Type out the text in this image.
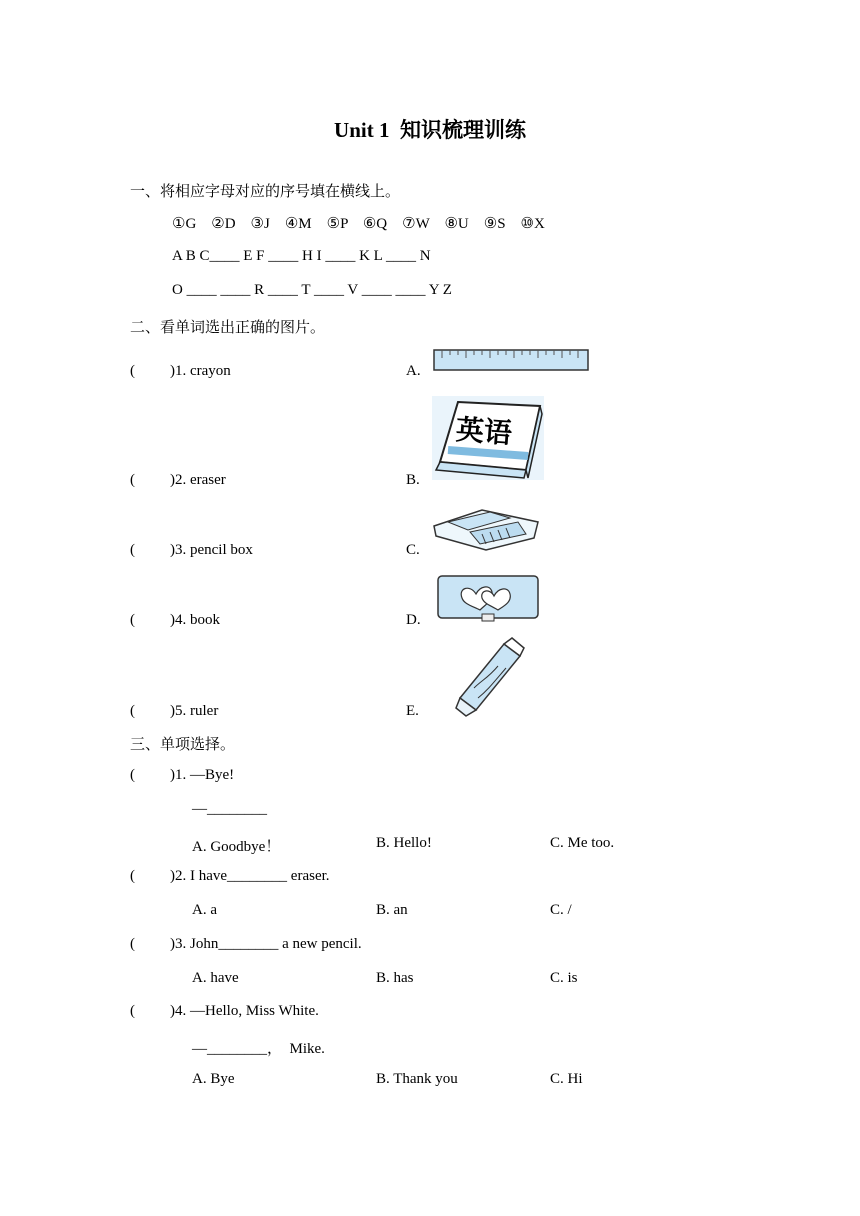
Unit 1  知识梳理训练
一、将相应字母对应的序号填在横线上。
①G    ②D    ③J    ④M    ⑤P    ⑥Q    ⑦W    ⑧U    ⑨S    ⑩X
A B C____ E F ____ H I ____ K L ____ N
O ____ ____ R ____ T ____ V ____ ____ Y Z
二、看单词选出正确的图片。
( )1. crayon	A.
( )2. eraser	B.
( )3. pencil box	C.
( )4. book	D.
( )5. ruler	E.
英语
三、单项选择。
( )1. —Bye!
—________
A. Goodbye！	B. Hello!	C. Me too.
( )2. I have________ eraser.
A. a	B. an	C. /
( )3. John________ a new pencil.
A. have	B. has	C. is
( )4. —Hello, Miss White.
—________，  Mike.
A. Bye	B. Thank you	C. Hi
